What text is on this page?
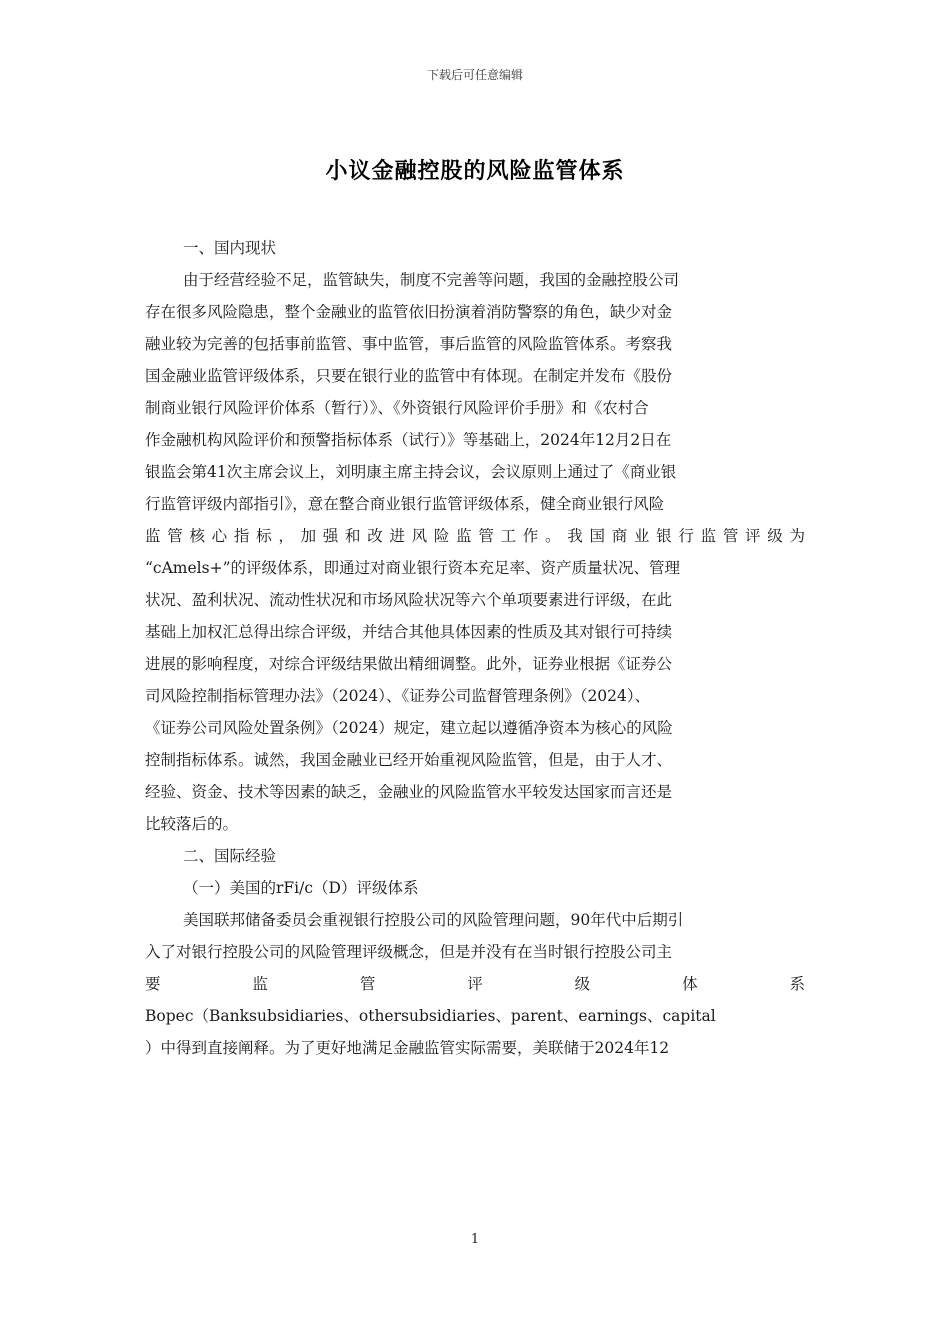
下载后可任意编辑
小议金融控股的风险监管体系
一、国内现状
由于经营经验不足，监管缺失，制度不完善等问题，我国的金融控股公司
存在很多风险隐患，整个金融业的监管依旧扮演着消防警察的角色，缺少对金
融业较为完善的包括事前监管、事中监管，事后监管的风险监管体系。考察我
国金融业监管评级体系，只要在银行业的监管中有体现。在制定并发布《股份
制商业银行风险评价体系（暂行）》、《外资银行风险评价手册》和《农村合
作金融机构风险评价和预警指标体系（试行）》等基础上，2024年12月2日在
银监会第41次主席会议上，刘明康主席主持会议，会议原则上通过了《商业银
行监管评级内部指引》，意在整合商业银行监管评级体系，健全商业银行风险
监管核心指标，加强和改进风险监管工作。我国商业银行监管评级为
“cAmels+”的评级体系，即通过对商业银行资本充足率、资产质量状况、管理
状况、盈利状况、流动性状况和市场风险状况等六个单项要素进行评级，在此
基础上加权汇总得出综合评级，并结合其他具体因素的性质及其对银行可持续
进展的影响程度，对综合评级结果做出精细调整。此外，证券业根据《证券公
司风险控制指标管理办法》（2024）、《证券公司监督管理条例》（2024）、
《证券公司风险处置条例》（2024）规定，建立起以遵循净资本为核心的风险
控制指标体系。诚然，我国金融业已经开始重视风险监管，但是，由于人才、
经验、资金、技术等因素的缺乏，金融业的风险监管水平较发达国家而言还是
比较落后的。
二、国际经验
（一）美国的rFi/c（D）评级体系
美国联邦储备委员会重视银行控股公司的风险管理问题，90年代中后期引
入了对银行控股公司的风险管理评级概念，但是并没有在当时银行控股公司主
要 监 管 评 级 体 系
Bopec（Banksubsidiaries、othersubsidiaries、parent、earnings、capital
）中得到直接阐释。为了更好地满足金融监管实际需要，美联储于2024年12
1
